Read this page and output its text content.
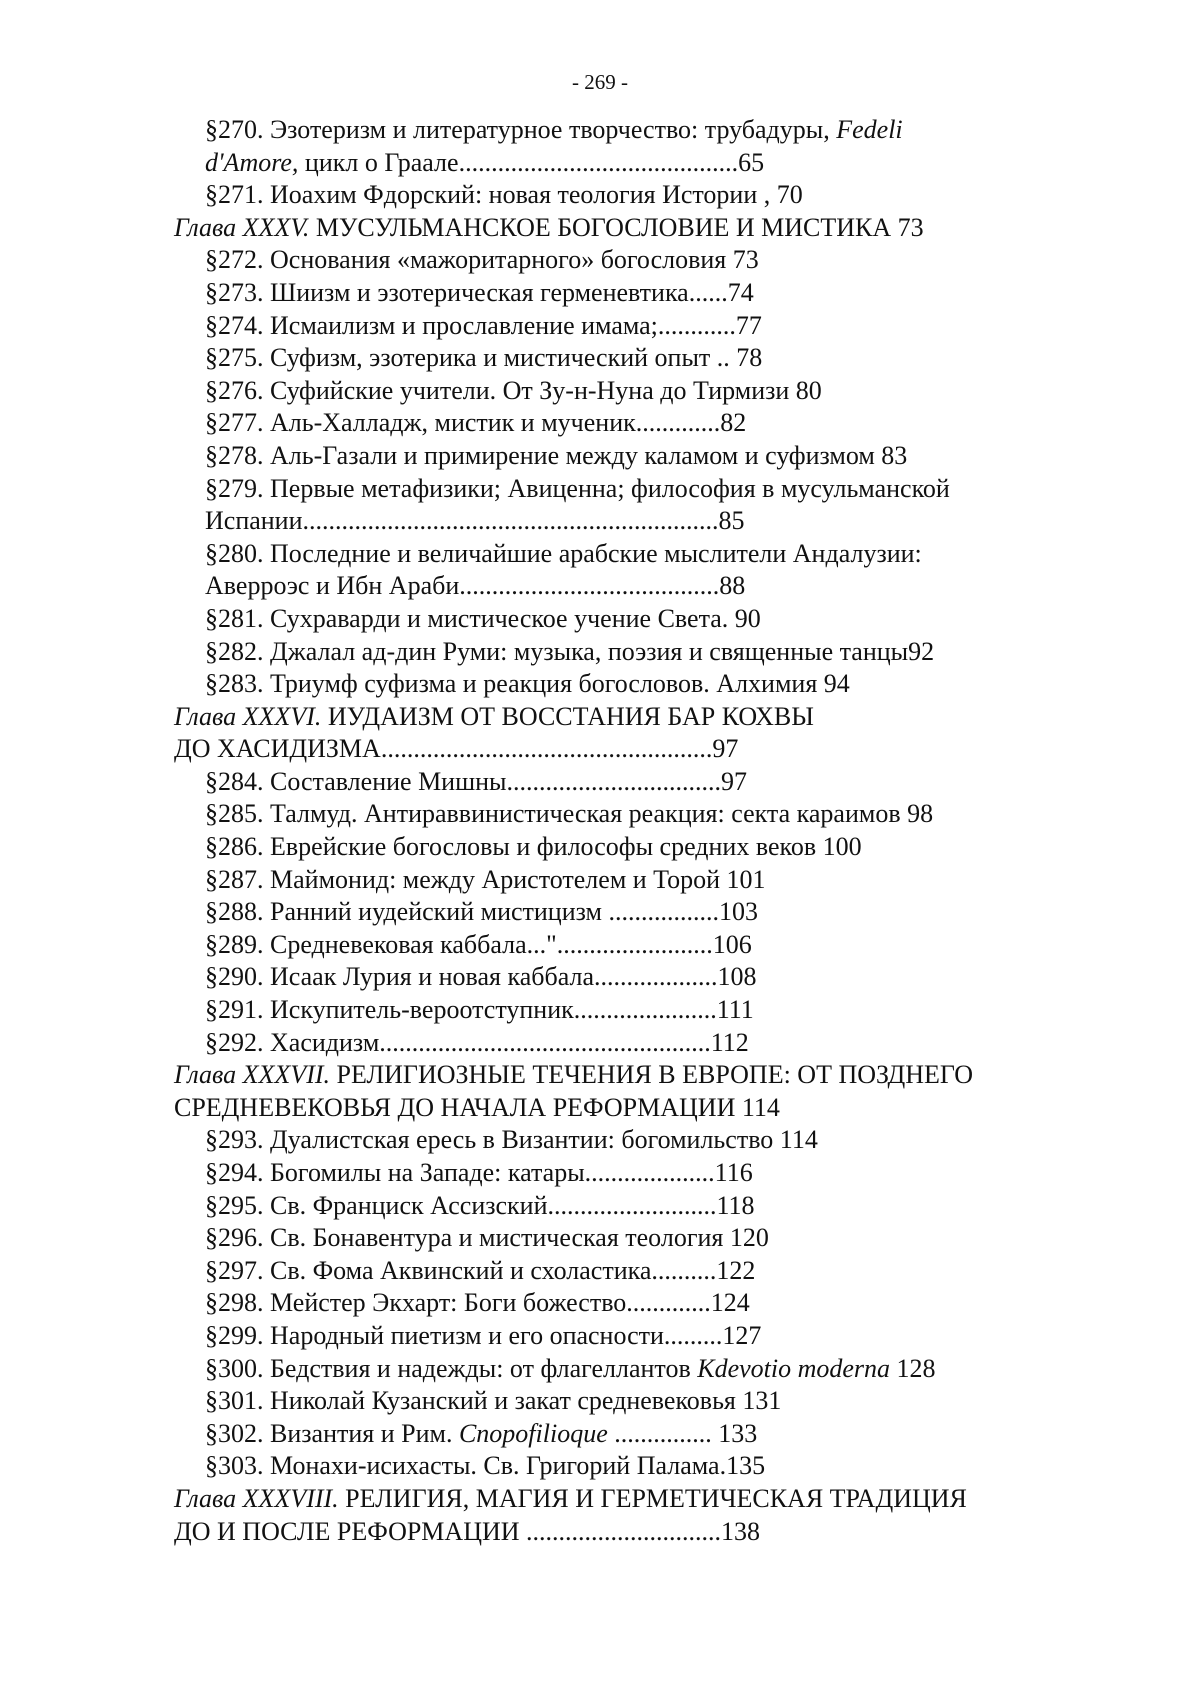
- 269 -
§270. Эзотеризм и литературное творчество: трубадуры, Fedeli
d'Amore, цикл о Граале...........................................65
§271. Иоахим Фдорский: новая теология Истории , 70
Глава XXXV. МУСУЛЬМАНСКОЕ БОГОСЛОВИЕ И МИСТИКА 73
§272. Основания «мажоритарного» богословия 73
§273. Шиизм и эзотерическая герменевтика......74
§274. Исмаилизм и прославление имама;............77
§275. Суфизм, эзотерика и мистический опыт .. 78
§276. Суфийские учители. От Зу-н-Нуна до Тирмизи 80
§277. Аль-Халладж, мистик и мученик.............82
§278. Аль-Газали и примирение между каламом и суфизмом 83
§279. Первые метафизики; Авиценна; философия в мусульманской
Испании................................................................85
§280. Последние и величайшие арабские мыслители Андалузии:
Аверроэс и Ибн Араби........................................88
§281. Сухраварди и мистическое учение Света. 90
§282. Джалал ад-дин Руми: музыка, поэзия и священные танцы92
§283. Триумф суфизма и реакция богословов. Алхимия 94
Глава XXXVI. ИУДАИЗМ ОТ ВОССТАНИЯ БАР КОХВЫ
ДО ХАСИДИЗМА...................................................97
§284. Составление Мишны.................................97
§285. Талмуд. Антираввинистическая реакция: секта караимов 98
§286. Еврейские богословы и философы средних веков 100
§287. Маймонид: между Аристотелем и Торой 101
§288. Ранний иудейский мистицизм .................103
§289. Средневековая каббала..."........................106
§290. Исаак Лурия и новая каббала...................108
§291. Искупитель-вероотступник......................111
§292. Хасидизм...................................................112
Глава XXXVII. РЕЛИГИОЗНЫЕ ТЕЧЕНИЯ В ЕВРОПЕ: ОТ ПОЗДНЕГО
СРЕДНЕВЕКОВЬЯ ДО НАЧАЛА РЕФОРМАЦИИ 114
§293. Дуалистская ересь в Византии: богомильство 114
§294. Богомилы на Западе: катары....................116
§295. Св. Франциск Ассизский..........................118
§296. Св. Бонавентура и мистическая теология 120
§297. Св. Фома Аквинский и схоластика..........122
§298. Мейстер Экхарт: Боги божество.............124
§299. Народный пиетизм и его опасности.........127
§300. Бедствия и надежды: от флагеллантов Kdevotio moderna 128
§301. Николай Кузанский и закат средневековья 131
§302. Византия и Рим. Cnopofilioque ............... 133
§303. Монахи-исихасты. Св. Григорий Палама.135
Глава XXXVIII. РЕЛИГИЯ, МАГИЯ И ГЕРМЕТИЧЕСКАЯ ТРАДИЦИЯ
ДО И ПОСЛЕ РЕФОРМАЦИИ ..............................138
